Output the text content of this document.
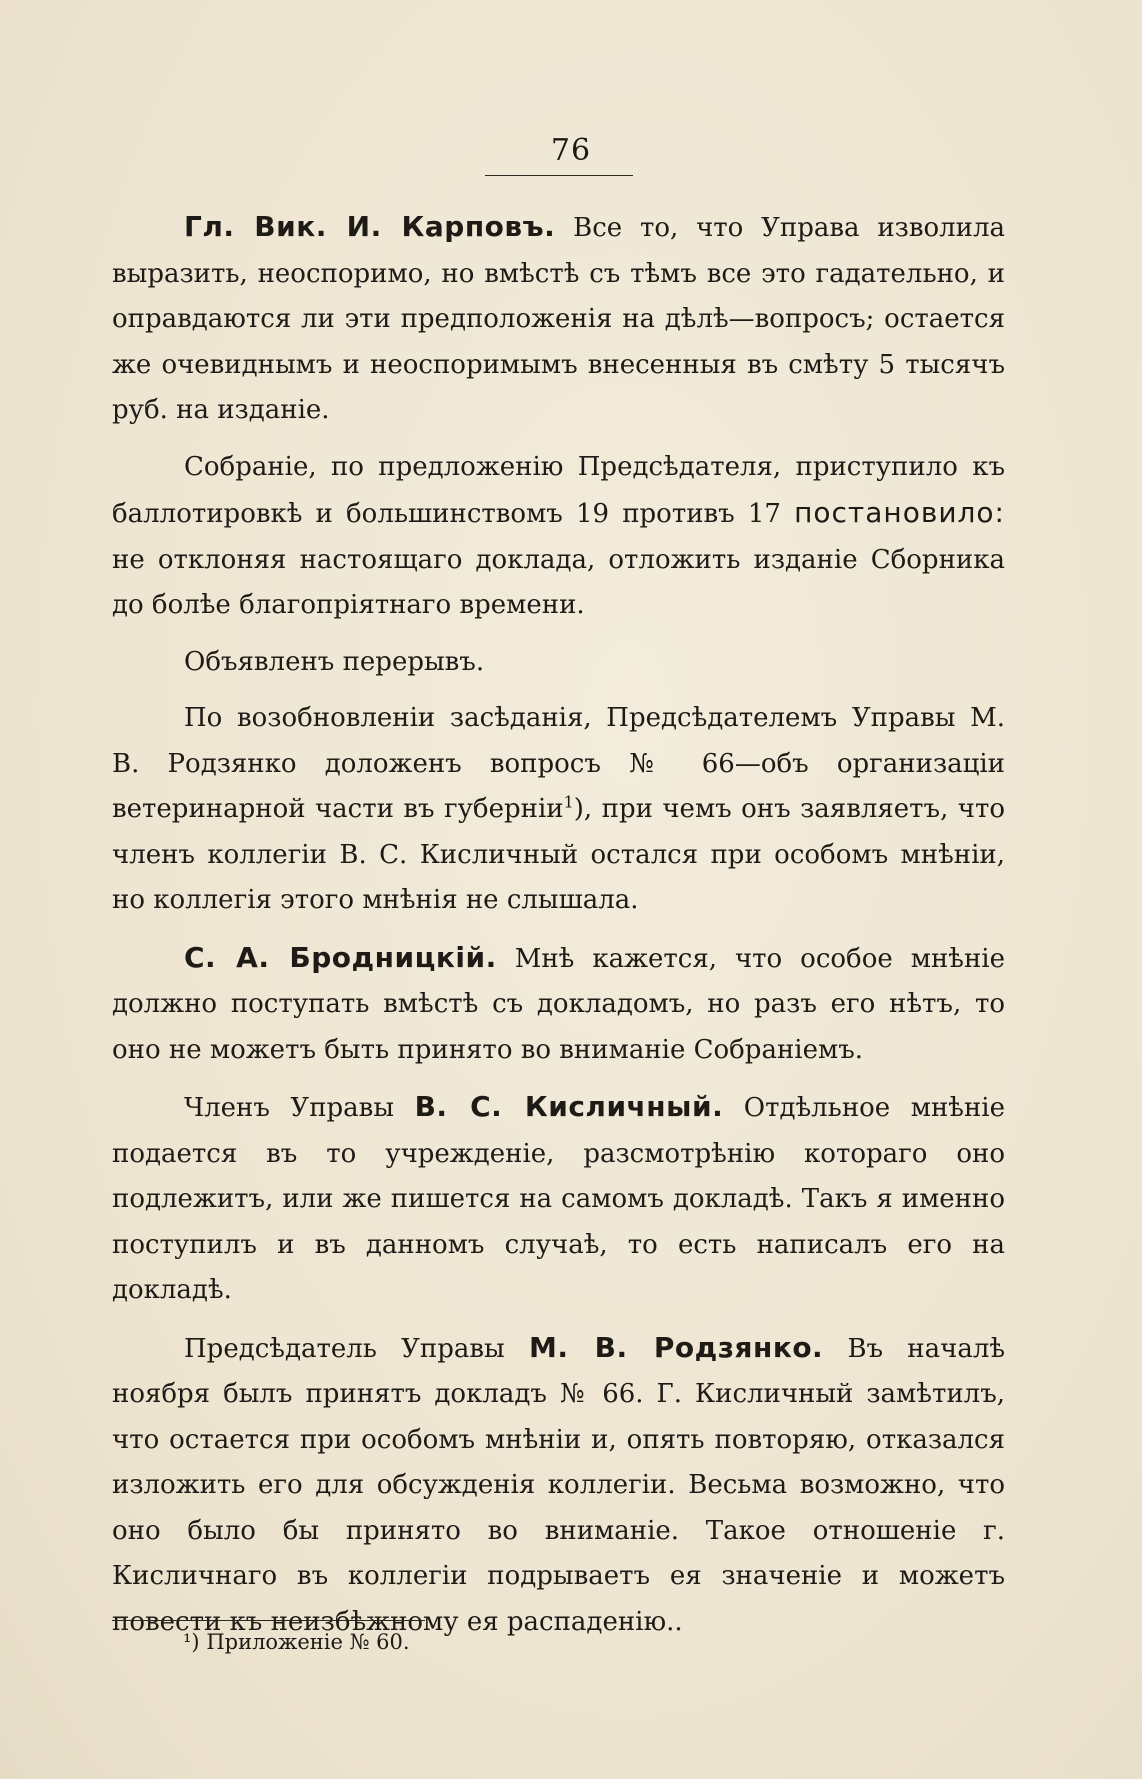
76

Гл. Вик. И. Карповъ. Все то, что Управа изволила выразить, неоспоримо, но вмѣстѣ съ тѣмъ все это гадательно, и оправдаются ли эти предположенія на дѣлѣ—вопросъ; остается же очевиднымъ и неоспоримымъ внесенныя въ смѣту 5 тысячъ руб. на изданіе.

Собраніе, по предложенію Предсѣдателя, приступило къ баллотировкѣ и большинствомъ 19 противъ 17 постановило: не отклоняя настоящаго доклада, отложить изданіе Сборника до болѣе благопріятнаго времени.

Объявленъ перерывъ.

По возобновленіи засѣданія, Предсѣдателемъ Управы М. В. Родзянко доложенъ вопросъ № 66—объ организаціи ветеринарной части въ губерніи$^1$), при чемъ онъ заявляетъ, что членъ коллегіи В. С. Кисличный остался при особомъ мнѣніи, но коллегія этого мнѣнія не слышала.

С. А. Бродницкій. Мнѣ кажется, что особое мнѣніе должно поступать вмѣстѣ съ докладомъ, но разъ его нѣтъ, то оно не можетъ быть принято во вниманіе Собраніемъ.

Членъ Управы В. С. Кисличный. Отдѣльное мнѣніе подается въ то учрежденіе, разсмотрѣнію котораго оно подлежитъ, или же пишется на самомъ докладѣ. Такъ я именно поступилъ и въ данномъ случаѣ, то есть написалъ его на докладѣ.

Предсѣдатель Управы М. В. Родзянко. Въ началѣ ноября былъ принятъ докладъ № 66. Г. Кисличный замѣтилъ, что остается при особомъ мнѣніи и, опять повторяю, отказался изложить его для обсужденія коллегіи. Весьма возможно, что оно было бы принято во вниманіе. Такое отношеніе г. Кисличнаго въ коллегіи подрываетъ ея значеніе и можетъ повести къ неизбѣжному ея распаденію..

¹) Приложеніе № 60.
